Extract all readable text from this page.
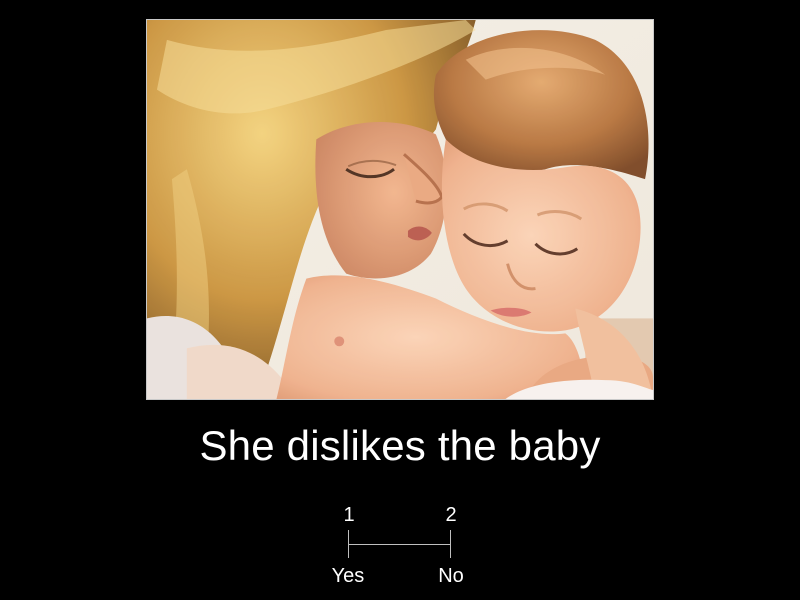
She dislikes the baby
1	2
Yes	No
